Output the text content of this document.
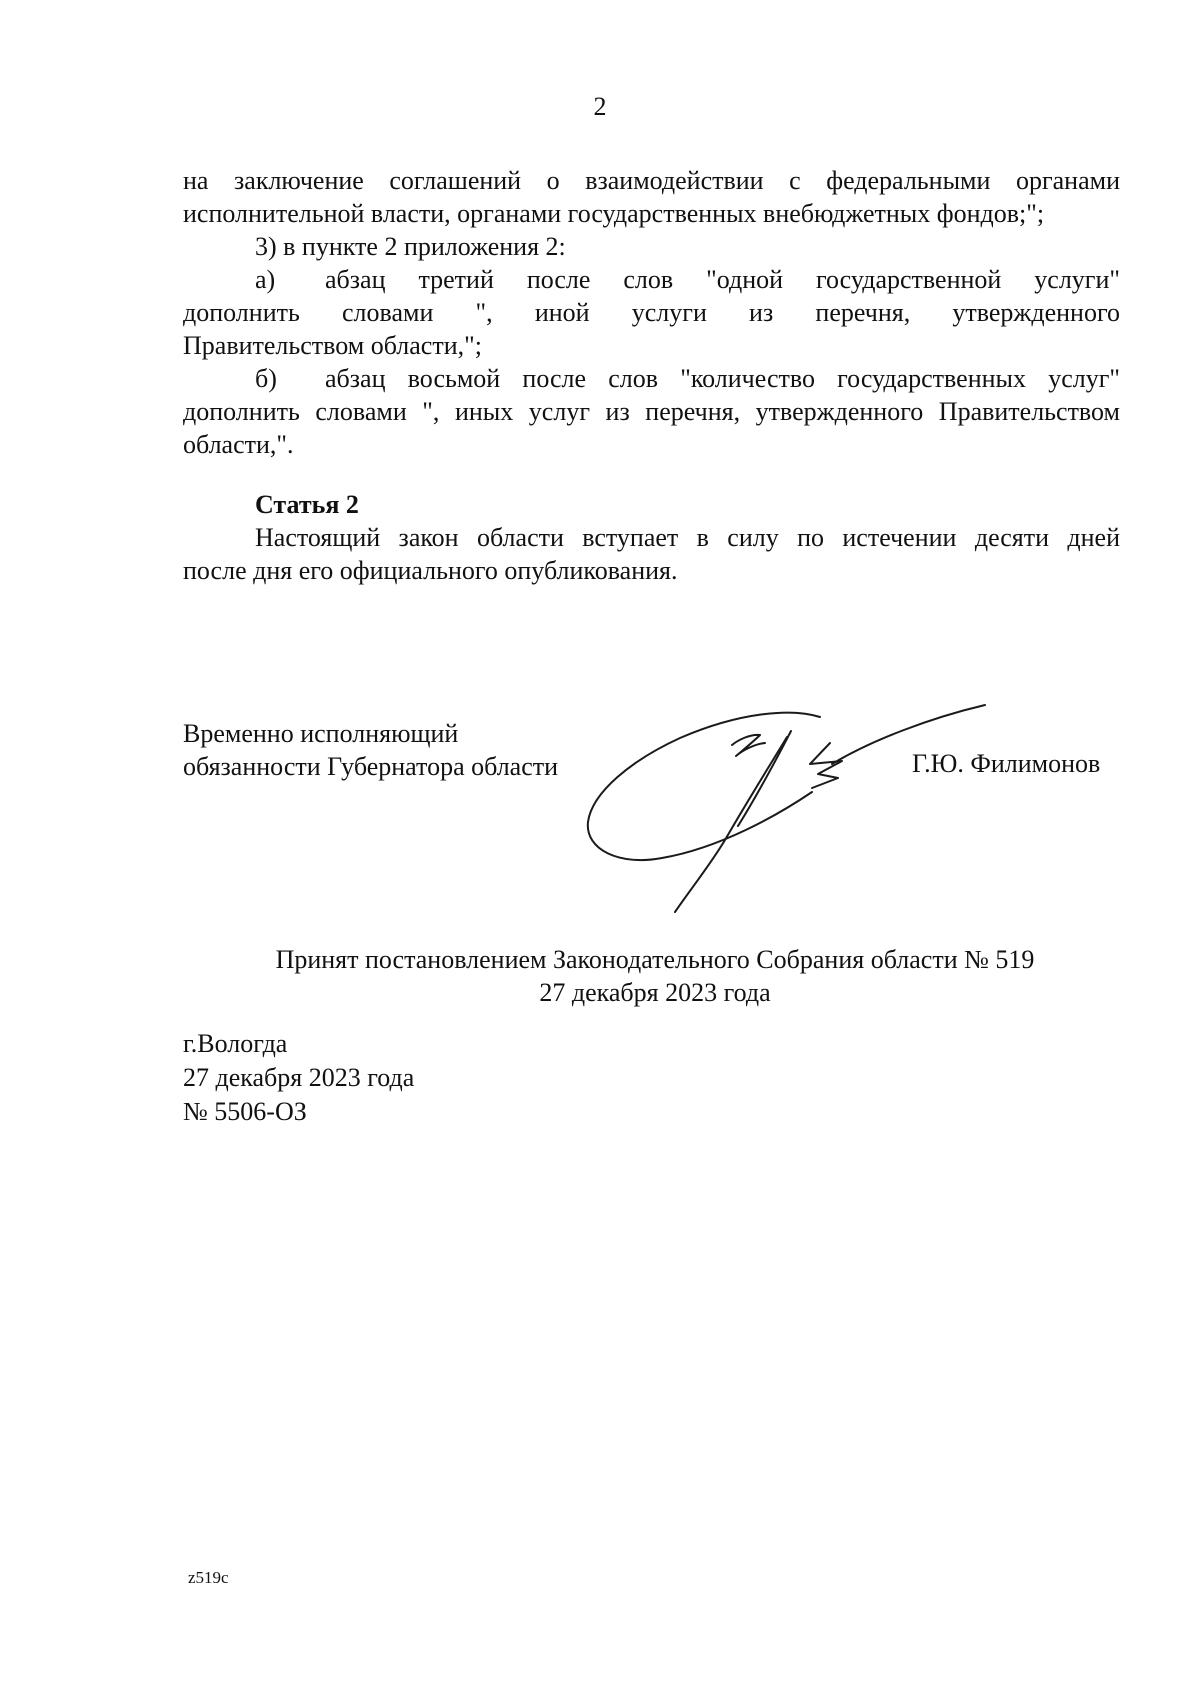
2
на заключение соглашений о взаимодействии с федеральными органами
исполнительной власти, органами государственных внебюджетных фондов;";
3) в пункте 2 приложения 2:
а)	абзац третий после слов "одной государственной услуги"
дополнить словами ", иной услуги из перечня, утвержденного
Правительством области,";
б)	абзац восьмой после слов "количество государственных услуг"
дополнить словами ", иных услуг из перечня, утвержденного Правительством
области,".
Статья 2
Настоящий закон области вступает в силу по истечении десяти дней
после дня его официального опубликования.
Временно исполняющий
обязанности Губернатора области	Г.Ю. Филимонов
Принят постановлением Законодательного Собрания области № 519
27 декабря 2023 года
г.Вологда
27 декабря 2023 года
№ 5506-ОЗ
z519c
